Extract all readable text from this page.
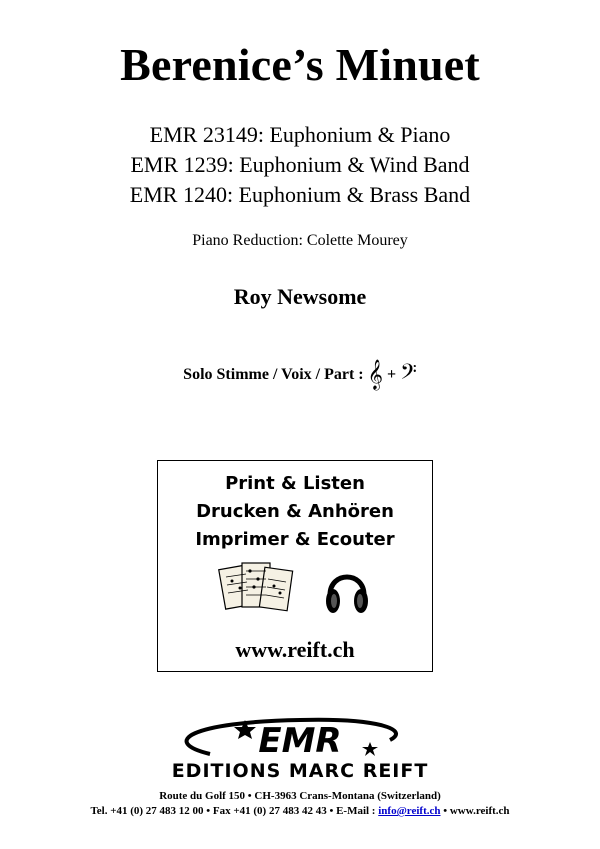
Berenice’s Minuet
EMR 23149: Euphonium & Piano
EMR 1239: Euphonium & Wind Band
EMR 1240: Euphonium & Brass Band
Piano Reduction: Colette Mourey
Roy Newsome
Solo Stimme / Voix / Part : 𝄞 + 𝄢
Print & Listen
Drucken & Anhören
Imprimer & Ecouter
www.reift.ch
EMR
EDITIONS MARC REIFT
Route du Golf 150 • CH-3963 Crans-Montana (Switzerland)
Tel. +41 (0) 27 483 12 00 • Fax +41 (0) 27 483 42 43 • E-Mail : info@reift.ch • www.reift.ch
